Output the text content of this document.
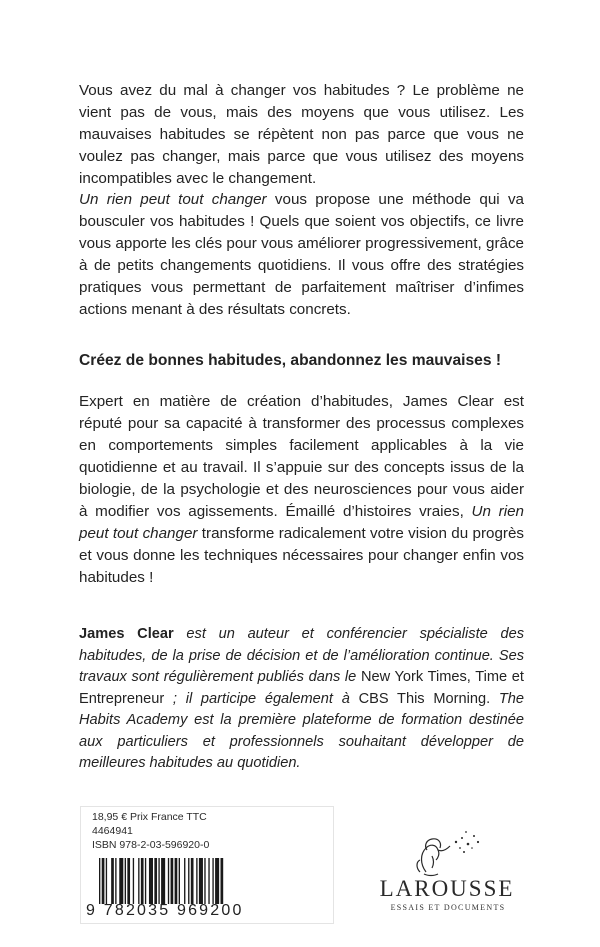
Vous avez du mal à changer vos habitudes ? Le problème ne vient pas de vous, mais des moyens que vous utilisez. Les mauvaises habitudes se répètent non pas parce que vous ne voulez pas changer, mais parce que vous utilisez des moyens incompatibles avec le changement.

Un rien peut tout changer vous propose une méthode qui va bousculer vos habitudes ! Quels que soient vos objectifs, ce livre vous apporte les clés pour vous améliorer progressivement, grâce à de petits changements quotidiens. Il vous offre des stratégies pratiques vous permettant de parfaitement maîtriser d’infimes actions menant à des résultats concrets.

Créez de bonnes habitudes, abandonnez les mauvaises !

Expert en matière de création d’habitudes, James Clear est réputé pour sa capacité à transformer des processus complexes en comportements simples facilement applicables à la vie quotidienne et au travail. Il s’appuie sur des concepts issus de la biologie, de la psychologie et des neurosciences pour vous aider à modifier vos agissements. Émaillé d’histoires vraies, Un rien peut tout changer transforme radicalement votre vision du progrès et vous donne les techniques nécessaires pour changer enfin vos habitudes !

James Clear est un auteur et conférencier spécialiste des habitudes, de la prise de décision et de l’amélioration continue. Ses travaux sont régulièrement publiés dans le New York Times, Time et Entrepreneur ; il participe également à CBS This Morning. The Habits Academy est la première plateforme de formation destinée aux particuliers et professionnels souhaitant développer de meilleures habitudes au quotidien.

18,95 € Prix France TTC
4464941
ISBN 978-2-03-596920-0
9 782035 969200
LAROUSSE
ESSAIS ET DOCUMENTS
